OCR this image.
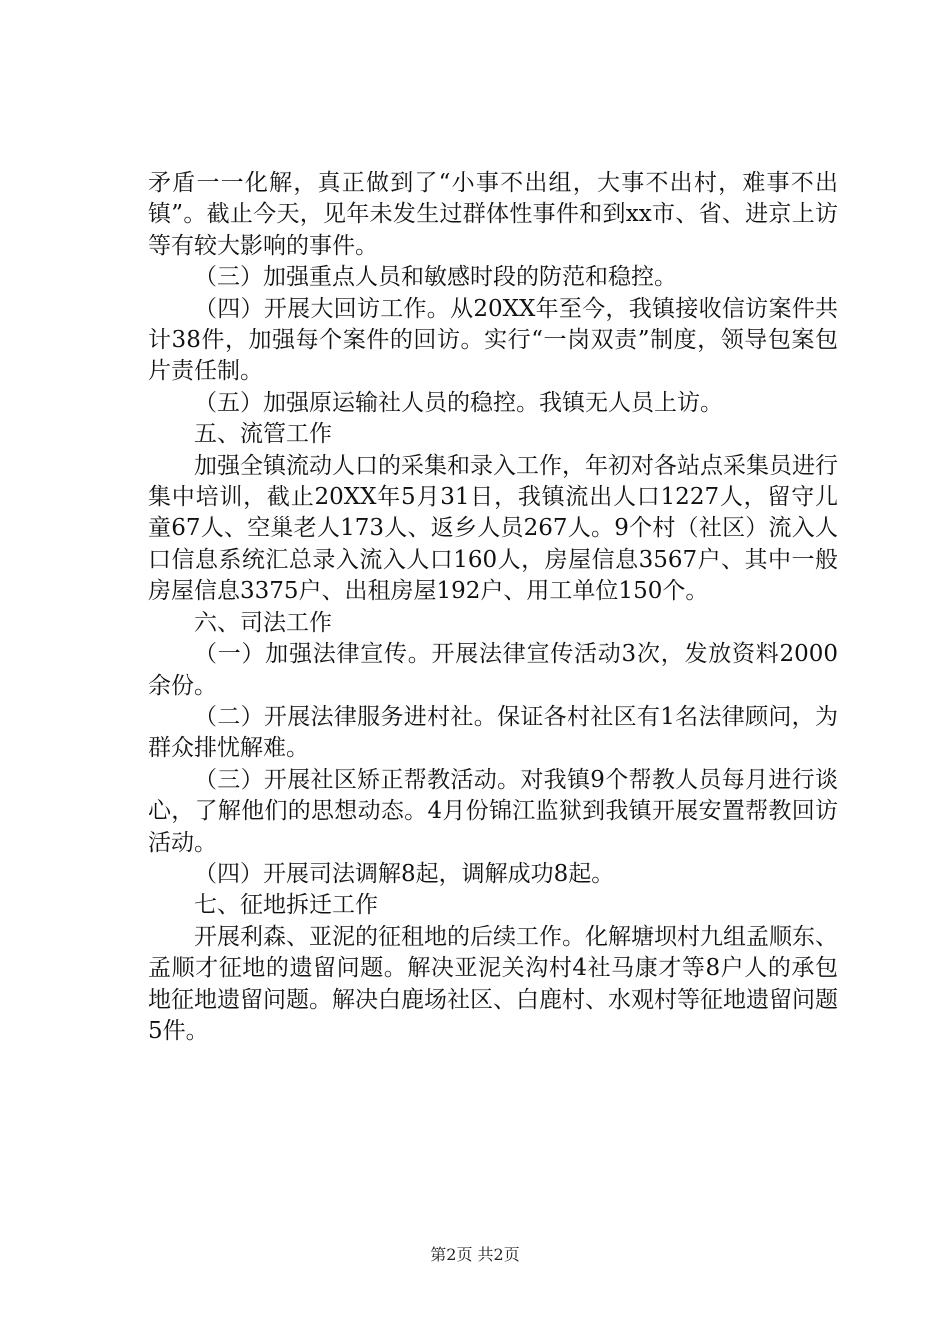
矛盾一一化解，真正做到了“小事不出组，大事不出村，难事不出镇”。截止今天，见年未发生过群体性事件和到xx市、省、进京上访等有较大影响的事件。

（三）加强重点人员和敏感时段的防范和稳控。

（四）开展大回访工作。从20XX年至今，我镇接收信访案件共计38件，加强每个案件的回访。实行“一岗双责”制度，领导包案包片责任制。

（五）加强原运输社人员的稳控。我镇无人员上访。

五、流管工作

加强全镇流动人口的采集和录入工作，年初对各站点采集员进行集中培训，截止20XX年5月31日，我镇流出人口1227人，留守儿童67人、空巢老人173人、返乡人员267人。9个村（社区）流入人口信息系统汇总录入流入人口160人，房屋信息3567户、其中一般房屋信息3375户、出租房屋192户、用工单位150个。

六、司法工作

（一）加强法律宣传。开展法律宣传活动3次，发放资料2000余份。

（二）开展法律服务进村社。保证各村社区有1名法律顾问，为群众排忧解难。

（三）开展社区矫正帮教活动。对我镇9个帮教人员每月进行谈心，了解他们的思想动态。4月份锦江监狱到我镇开展安置帮教回访活动。

（四）开展司法调解8起，调解成功8起。

七、征地拆迁工作

开展利森、亚泥的征租地的后续工作。化解塘坝村九组孟顺东、孟顺才征地的遗留问题。解决亚泥关沟村4社马康才等8户人的承包地征地遗留问题。解决白鹿场社区、白鹿村、水观村等征地遗留问题5件。

第2页 共2页
